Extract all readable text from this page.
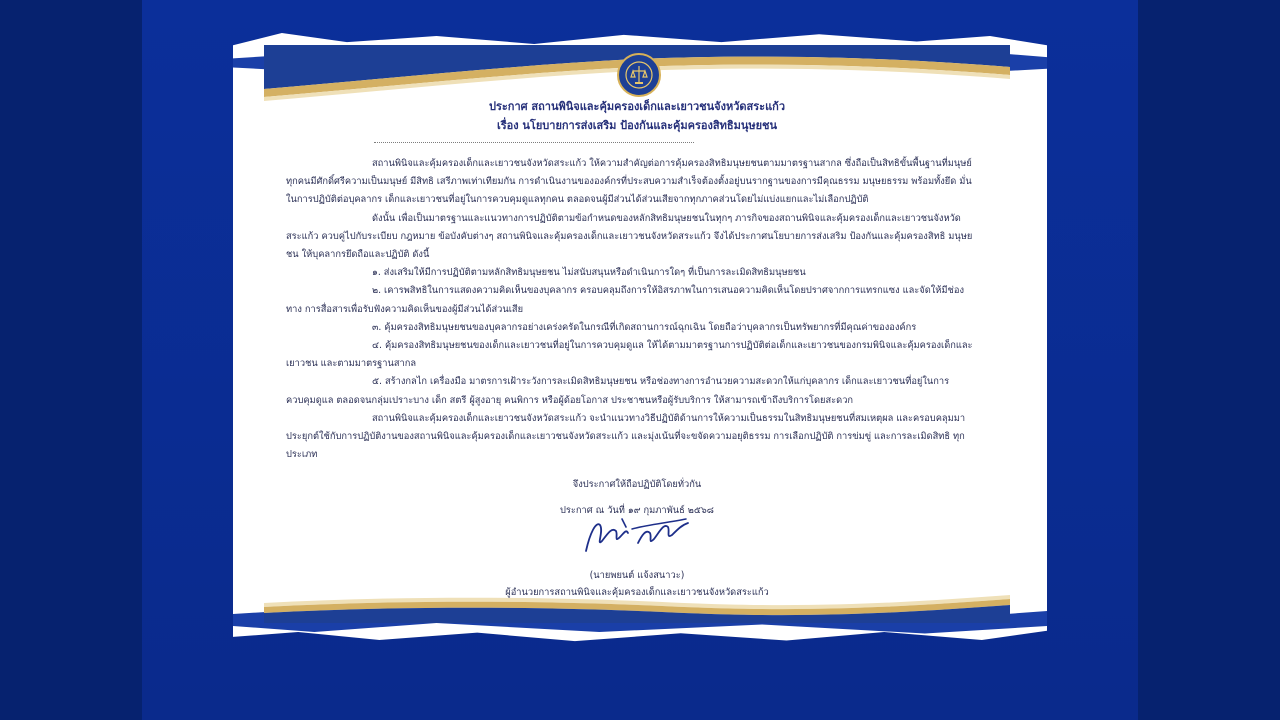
ประกาศ สถานพินิจและคุ้มครองเด็กและเยาวชนจังหวัดสระแก้ว
เรื่อง นโยบายการส่งเสริม ป้องกันและคุ้มครองสิทธิมนุษยชน

สถานพินิจและคุ้มครองเด็กและเยาวชนจังหวัดสระแก้ว ให้ความสำคัญต่อการคุ้มครองสิทธิมนุษยชนตามมาตรฐานสากล ซึ่งถือเป็นสิทธิขั้นพื้นฐานที่มนุษย์ ทุกคนมีศักดิ์ศรีความเป็นมนุษย์ มีสิทธิ เสรีภาพเท่าเทียมกัน การดำเนินงานขององค์กรที่ประสบความสำเร็จต้องตั้งอยู่บนรากฐานของการมีคุณธรรม มนุษยธรรม พร้อมทั้งยึด มั่นในการปฏิบัติต่อบุคลากร เด็กและเยาวชนที่อยู่ในการควบคุมดูแลทุกคน ตลอดจนผู้มีส่วนได้ส่วนเสียจากทุกภาคส่วนโดยไม่แบ่งแยกและไม่เลือกปฏิบัติ

ดังนั้น เพื่อเป็นมาตรฐานและแนวทางการปฏิบัติตามข้อกำหนดของหลักสิทธิมนุษยชนในทุกๆ ภารกิจของสถานพินิจและคุ้มครองเด็กและเยาวชนจังหวัด สระแก้ว ควบคู่ไปกับระเบียบ กฎหมาย ข้อบังคับต่างๆ สถานพินิจและคุ้มครองเด็กและเยาวชนจังหวัดสระแก้ว จึงได้ประกาศนโยบายการส่งเสริม ป้องกันและคุ้มครองสิทธิ มนุษยชน ให้บุคลากรยึดถือและปฏิบัติ ดังนี้

๑. ส่งเสริมให้มีการปฏิบัติตามหลักสิทธิมนุษยชน ไม่สนับสนุนหรือดำเนินการใดๆ ที่เป็นการละเมิดสิทธิมนุษยชน

๒. เคารพสิทธิในการแสดงความคิดเห็นของบุคลากร ครอบคลุมถึงการให้อิสรภาพในการเสนอความคิดเห็นโดยปราศจากการแทรกแซง และจัดให้มีช่องทาง การสื่อสารเพื่อรับฟังความคิดเห็นของผู้มีส่วนได้ส่วนเสีย

๓. คุ้มครองสิทธิมนุษยชนของบุคลากรอย่างเคร่งครัดในกรณีที่เกิดสถานการณ์ฉุกเฉิน โดยถือว่าบุคลากรเป็นทรัพยากรที่มีคุณค่าขององค์กร

๔. คุ้มครองสิทธิมนุษยชนของเด็กและเยาวชนที่อยู่ในการควบคุมดูแล ให้ได้ตามมาตรฐานการปฏิบัติต่อเด็กและเยาวชนของกรมพินิจและคุ้มครองเด็กและ เยาวชน และตามมาตรฐานสากล

๕. สร้างกลไก เครื่องมือ มาตรการเฝ้าระวังการละเมิดสิทธิมนุษยชน หรือช่องทางการอำนวยความสะดวกให้แก่บุคลากร เด็กและเยาวชนที่อยู่ในการ ควบคุมดูแล ตลอดจนกลุ่มเปราะบาง เด็ก สตรี ผู้สูงอายุ คนพิการ หรือผู้ด้อยโอกาส ประชาชนหรือผู้รับบริการ ให้สามารถเข้าถึงบริการโดยสะดวก

สถานพินิจและคุ้มครองเด็กและเยาวชนจังหวัดสระแก้ว จะนำแนวทางวิธีปฏิบัติด้านการให้ความเป็นธรรมในสิทธิมนุษยชนที่สมเหตุผล และครอบคลุมมา ประยุกต์ใช้กับการปฏิบัติงานของสถานพินิจและคุ้มครองเด็กและเยาวชนจังหวัดสระแก้ว และมุ่งเน้นที่จะขจัดความอยุติธรรม การเลือกปฏิบัติ การข่มขู่ และการละเมิดสิทธิ ทุกประเภท

จึงประกาศให้ถือปฏิบัติโดยทั่วกัน
ประกาศ ณ วันที่ ๑๙ กุมภาพันธ์ ๒๕๖๘
(นายพยนต์ แจ้งสนาวะ)
ผู้อำนวยการสถานพินิจและคุ้มครองเด็กและเยาวชนจังหวัดสระแก้ว
